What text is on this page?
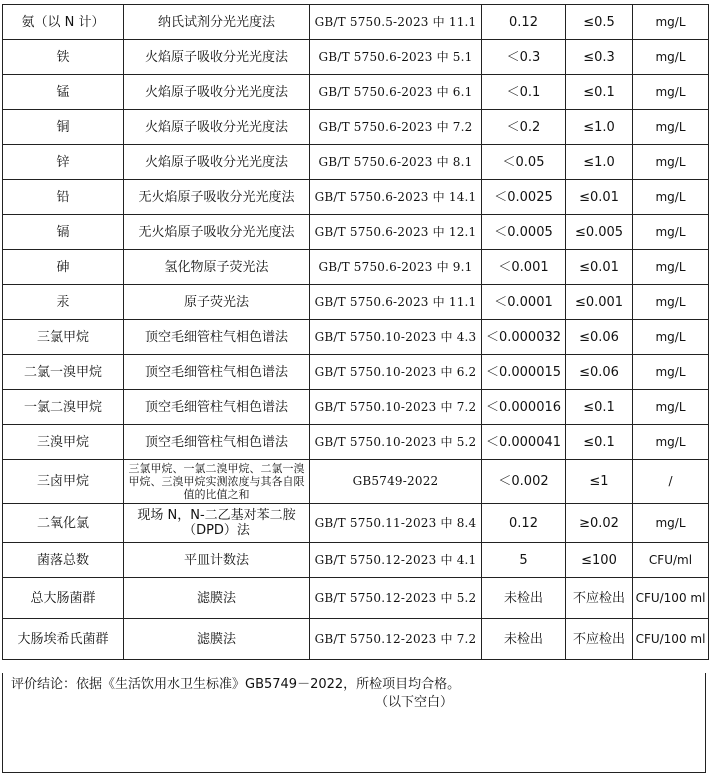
氨（以 N 计）	纳氏试剂分光光度法	GB/T 5750.5-2023 中 11.1	0.12	≤0.5	mg/L
铁	火焰原子吸收分光光度法	GB/T 5750.6-2023 中 5.1	＜0.3	≤0.3	mg/L
锰	火焰原子吸收分光光度法	GB/T 5750.6-2023 中 6.1	＜0.1	≤0.1	mg/L
铜	火焰原子吸收分光光度法	GB/T 5750.6-2023 中 7.2	＜0.2	≤1.0	mg/L
锌	火焰原子吸收分光光度法	GB/T 5750.6-2023 中 8.1	＜0.05	≤1.0	mg/L
铅	无火焰原子吸收分光光度法	GB/T 5750.6-2023 中 14.1	＜0.0025	≤0.01	mg/L
镉	无火焰原子吸收分光光度法	GB/T 5750.6-2023 中 12.1	＜0.0005	≤0.005	mg/L
砷	氢化物原子荧光法	GB/T 5750.6-2023 中 9.1	＜0.001	≤0.01	mg/L
汞	原子荧光法	GB/T 5750.6-2023 中 11.1	＜0.0001	≤0.001	mg/L
三氯甲烷	顶空毛细管柱气相色谱法	GB/T 5750.10-2023 中 4.3	＜0.000032	≤0.06	mg/L
二氯一溴甲烷	顶空毛细管柱气相色谱法	GB/T 5750.10-2023 中 6.2	＜0.000015	≤0.06	mg/L
一氯二溴甲烷	顶空毛细管柱气相色谱法	GB/T 5750.10-2023 中 7.2	＜0.000016	≤0.1	mg/L
三溴甲烷	顶空毛细管柱气相色谱法	GB/T 5750.10-2023 中 5.2	＜0.000041	≤0.1	mg/L
三卤甲烷	三氯甲烷、一氯二溴甲烷、二氯一溴甲烷、三溴甲烷实测浓度与其各自限值的比值之和	GB5749-2022	＜0.002	≤1	/
二氧化氯	现场 N，N-二乙基对苯二胺（DPD）法	GB/T 5750.11-2023 中 8.4	0.12	≥0.02	mg/L
菌落总数	平皿计数法	GB/T 5750.12-2023 中 4.1	5	≤100	CFU/ml
总大肠菌群	滤膜法	GB/T 5750.12-2023 中 5.2	未检出	不应检出	CFU/100 ml
大肠埃希氏菌群	滤膜法	GB/T 5750.12-2023 中 7.2	未检出	不应检出	CFU/100 ml
评价结论：依据《生活饮用水卫生标准》GB5749－2022，所检项目均合格。
（以下空白）
